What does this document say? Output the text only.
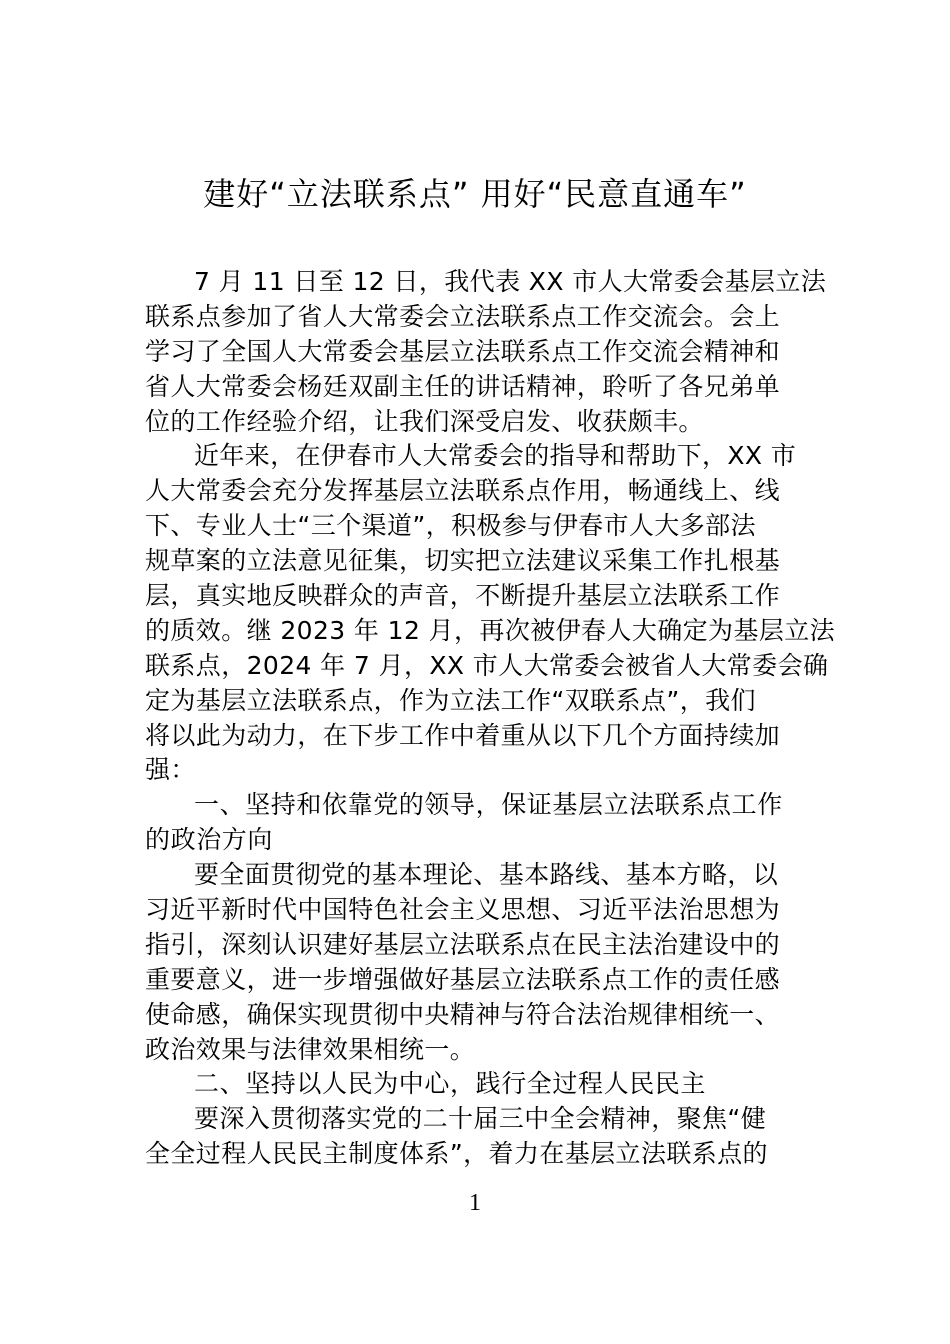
建好“立法联系点” 用好“民意直通车”
7 月 11 日至 12 日，我代表 XX 市人大常委会基层立法
联系点参加了省人大常委会立法联系点工作交流会。会上
学习了全国人大常委会基层立法联系点工作交流会精神和
省人大常委会杨廷双副主任的讲话精神，聆听了各兄弟单
位的工作经验介绍，让我们深受启发、收获颇丰。
近年来，在伊春市人大常委会的指导和帮助下，XX 市
人大常委会充分发挥基层立法联系点作用，畅通线上、线
下、专业人士“三个渠道”，积极参与伊春市人大多部法
规草案的立法意见征集，切实把立法建议采集工作扎根基
层，真实地反映群众的声音，不断提升基层立法联系工作
的质效。继 2023 年 12 月，再次被伊春人大确定为基层立法
联系点，2024 年 7 月，XX 市人大常委会被省人大常委会确
定为基层立法联系点，作为立法工作“双联系点”，我们
将以此为动力，在下步工作中着重从以下几个方面持续加
强：
一、坚持和依靠党的领导，保证基层立法联系点工作
的政治方向
要全面贯彻党的基本理论、基本路线、基本方略，以
习近平新时代中国特色社会主义思想、习近平法治思想为
指引，深刻认识建好基层立法联系点在民主法治建设中的
重要意义，进一步增强做好基层立法联系点工作的责任感
使命感，确保实现贯彻中央精神与符合法治规律相统一、
政治效果与法律效果相统一。
二、坚持以人民为中心，践行全过程人民民主
要深入贯彻落实党的二十届三中全会精神，聚焦“健
全全过程人民民主制度体系”，着力在基层立法联系点的
1
